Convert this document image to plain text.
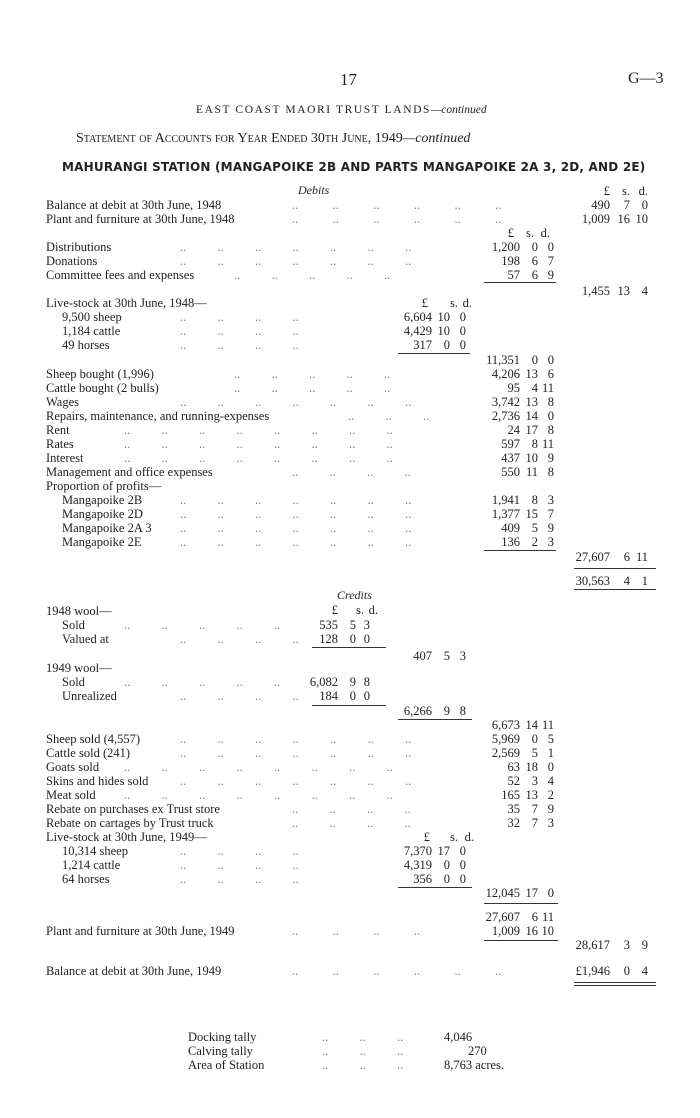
17	G—3
EAST COAST MAORI TRUST LANDS—continued
Statement of Accounts for Year Ended 30th June, 1949—continued
MAHURANGI STATION (MANGAPOIKE 2B AND PARTS MANGAPOIKE 2A 3, 2D, AND 2E)
Debits	£ s. d.
Balance at debit at 30th June, 1948	..           ..           ..           ..           ..           ..	490	7 0
Plant and furniture at 30th June, 1948	..           ..           ..           ..           ..           ..	1,009 16 10
£ s. d.
Distributions	..          ..          ..          ..          ..          ..          ..	1,200 0 0
Donations	..          ..          ..          ..          ..          ..          ..	198 6 7
Committee fees and expenses	..          ..          ..          ..          ..	57 6 9
1,455 13 4
Live-stock at 30th June, 1948—	£	s. d.
9,500 sheep	..          ..          ..          ..	6,604 10 0
1,184 cattle	..          ..          ..          ..	4,429 10 0
49 horses	..          ..          ..          ..	317 0 0
11,351 0 0
Sheep bought (1,996)	..          ..          ..          ..          ..	4,206 13 6
Cattle bought (2 bulls)	..          ..          ..          ..          ..	95 4 11
Wages	..          ..          ..          ..          ..          ..          ..	3,742 13 8
Repairs, maintenance, and running-expenses	..          ..          ..	2,736 14 0
Rent	..          ..          ..          ..          ..          ..          ..          ..	24 17 8
Rates	..          ..          ..          ..          ..          ..          ..          ..	597 8 11
Interest	..          ..          ..          ..          ..          ..          ..          ..	437 10 9
Management and office expenses	..          ..          ..          ..	550 11 8
Proportion of profits—
Mangapoike 2B	..          ..          ..          ..          ..          ..          ..	1,941 8 3
Mangapoike 2D	..          ..          ..          ..          ..          ..          ..	1,377 15 7
Mangapoike 2A 3 ..          ..          ..          ..          ..          ..          ..	409 5 9
Mangapoike 2E	..          ..          ..          ..          ..          ..          ..	136 2 3
27,607	6 11
30,563	4 1
Credits
£	s. d.
1948 wool—
Sold	..          ..          ..          ..          ..	535 5 3
Valued at	..          ..          ..          ..	128 0 0
407 5 3
1949 wool—
Sold	..          ..          ..          ..          ..	6,082 9 8
Unrealized	..          ..          ..          ..	184 0 0
6,266 9 8
6,673 14 11
Sheep sold (4,557)	..          ..          ..          ..          ..          ..          ..	5,969 0 5
Cattle sold (241)	..          ..          ..          ..          ..          ..          ..	2,569 5 1
Goats sold ..          ..          ..          ..          ..          ..          ..          ..	63 18 0
Skins and hides sold	..          ..          ..          ..          ..          ..          ..	52 3 4
Meat sold ..          ..          ..          ..          ..          ..          ..          ..	165 13 2
Rebate on purchases ex Trust store	..          ..          ..          ..	35 7 9
Rebate on cartages by Trust truck	..          ..          ..          ..	32 7 3
Live-stock at 30th June, 1949—	£	s. d.
10,314 sheep	..          ..          ..          ..	7,370 17 0
1,214 cattle	..          ..          ..          ..	4,319 0 0
64 horses	..          ..          ..          ..	356 0 0
12,045 17 0
27,607 6 11
Plant and furniture at 30th June, 1949	..           ..           ..           ..	1,009 16 10
28,617	3 9
Balance at debit at 30th June, 1949	..           ..           ..           ..           ..           ..	£1,946	0 4
Docking tally	..          ..          ..	4,046
Calving tally	..          ..          ..	270
Area of Station	..          ..          ..	8,763 acres.
